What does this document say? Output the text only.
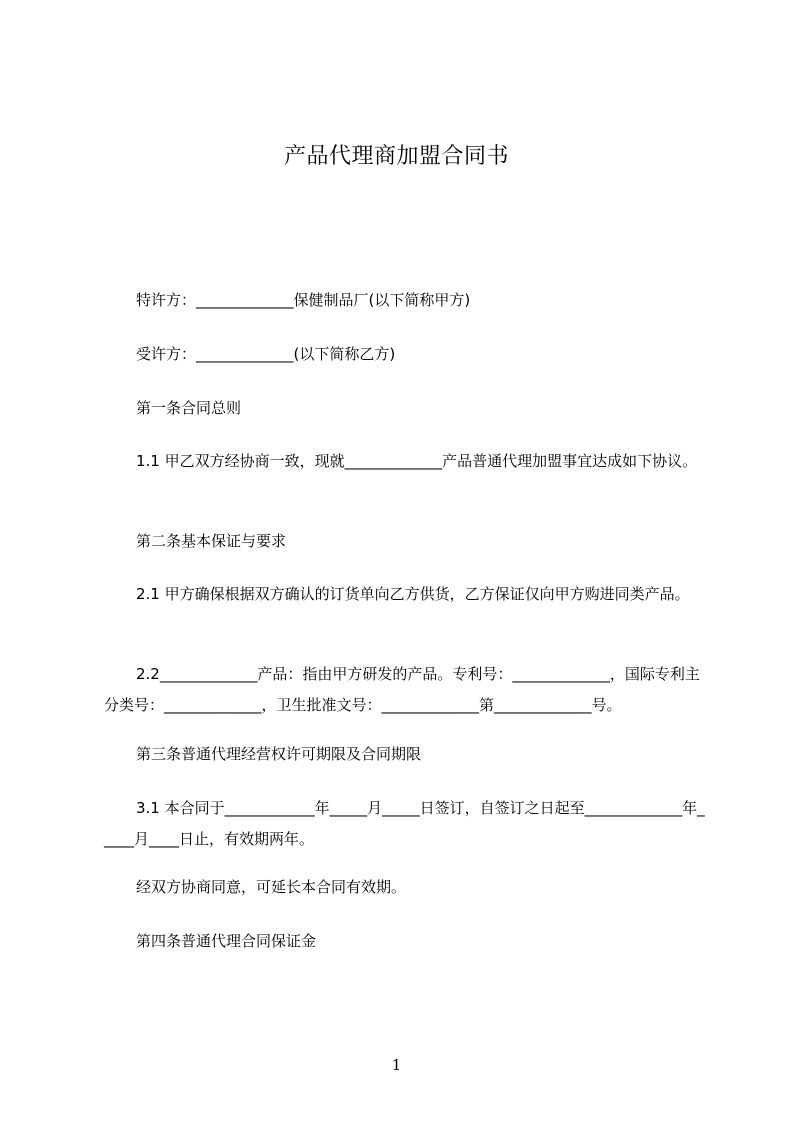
产品代理商加盟合同书
特许方：_____________保健制品厂(以下简称甲方)
受许方：_____________(以下简称乙方)
第一条合同总则
1.1 甲乙双方经协商一致，现就_____________产品普通代理加盟事宜达成如下协议。
第二条基本保证与要求
2.1 甲方确保根据双方确认的订货单向乙方供货，乙方保证仅向甲方购进同类产品。
2.2_____________产品：指由甲方研发的产品。专利号：_____________，国际专利主分类号：_____________，卫生批准文号：_____________第_____________号。
第三条普通代理经营权许可期限及合同期限
3.1 本合同于____________年_____月_____日签订，自签订之日起至_____________年_____月____日止，有效期两年。
经双方协商同意，可延长本合同有效期。
第四条普通代理合同保证金
1
